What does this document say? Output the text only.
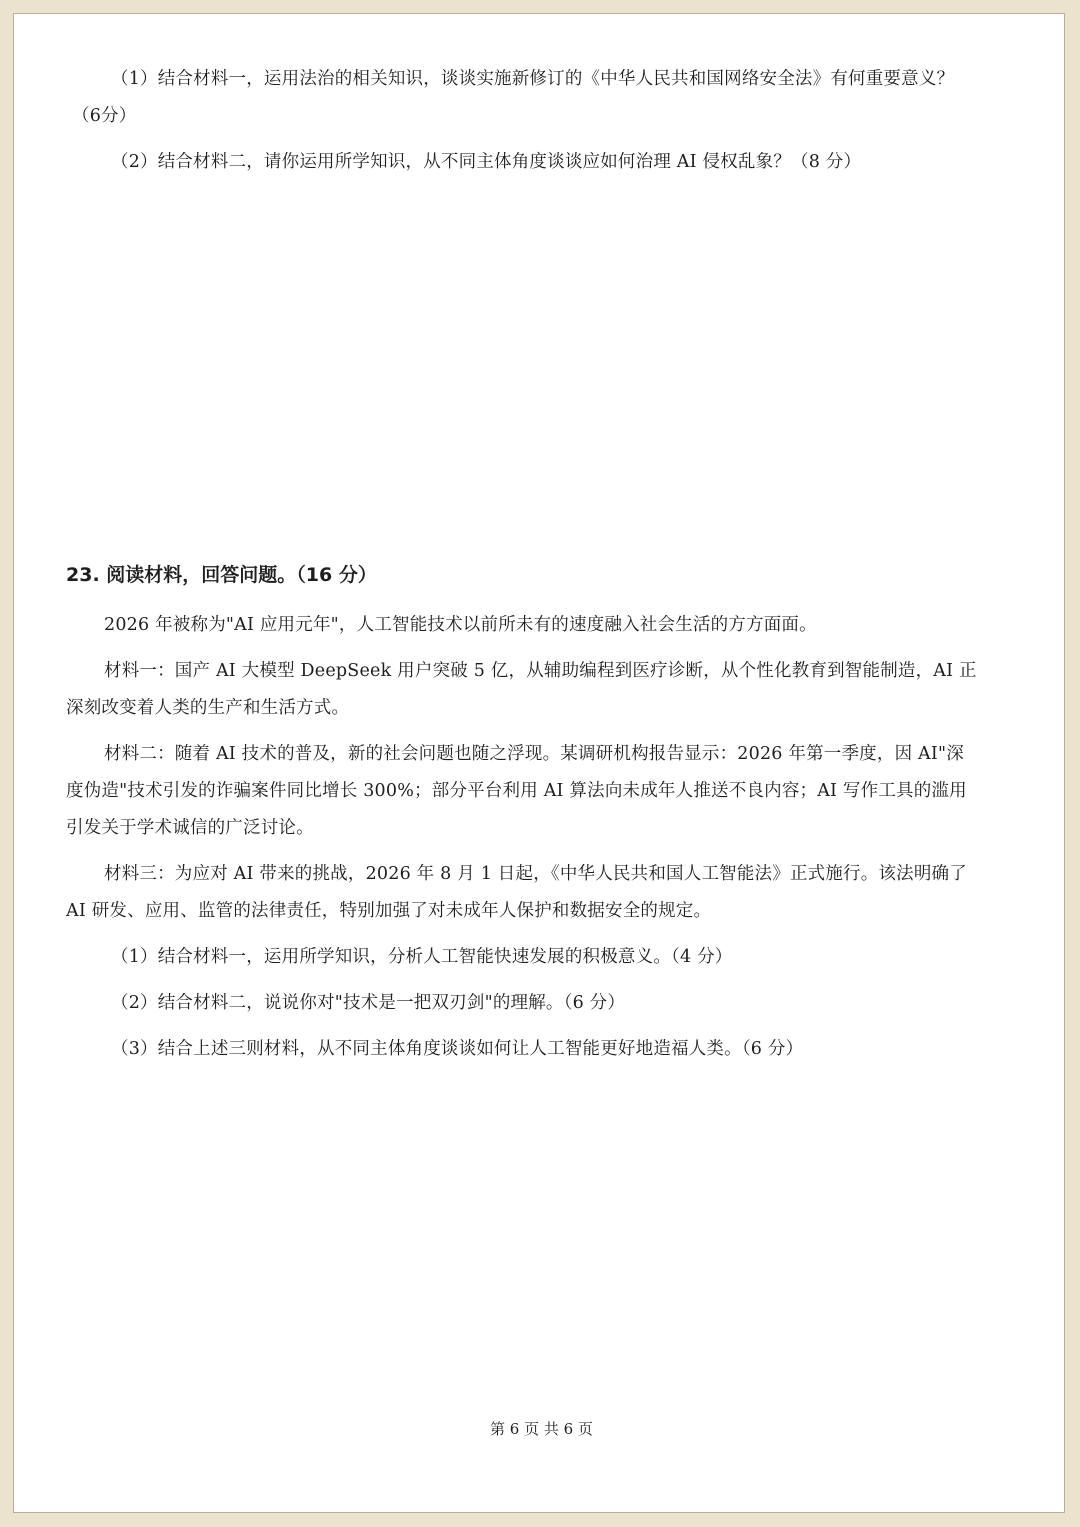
（1）结合材料一，运用法治的相关知识，谈谈实施新修订的《中华人民共和国网络安全法》有何重要意义？
（6分）
（2）结合材料二，请你运用所学知识，从不同主体角度谈谈应如何治理 AI 侵权乱象？（8 分）
23. 阅读材料，回答问题。（16 分）
2026 年被称为"AI 应用元年"，人工智能技术以前所未有的速度融入社会生活的方方面面。
材料一：国产 AI 大模型 DeepSeek 用户突破 5 亿，从辅助编程到医疗诊断，从个性化教育到智能制造，AI 正
深刻改变着人类的生产和生活方式。
材料二：随着 AI 技术的普及，新的社会问题也随之浮现。某调研机构报告显示：2026 年第一季度，因 AI"深
度伪造"技术引发的诈骗案件同比增长 300%；部分平台利用 AI 算法向未成年人推送不良内容；AI 写作工具的滥用
引发关于学术诚信的广泛讨论。
材料三：为应对 AI 带来的挑战，2026 年 8 月 1 日起，《中华人民共和国人工智能法》正式施行。该法明确了
AI 研发、应用、监管的法律责任，特别加强了对未成年人保护和数据安全的规定。
（1）结合材料一，运用所学知识，分析人工智能快速发展的积极意义。（4 分）
（2）结合材料二，说说你对"技术是一把双刃剑"的理解。（6 分）
（3）结合上述三则材料，从不同主体角度谈谈如何让人工智能更好地造福人类。（6 分）
第 6 页 共 6 页
